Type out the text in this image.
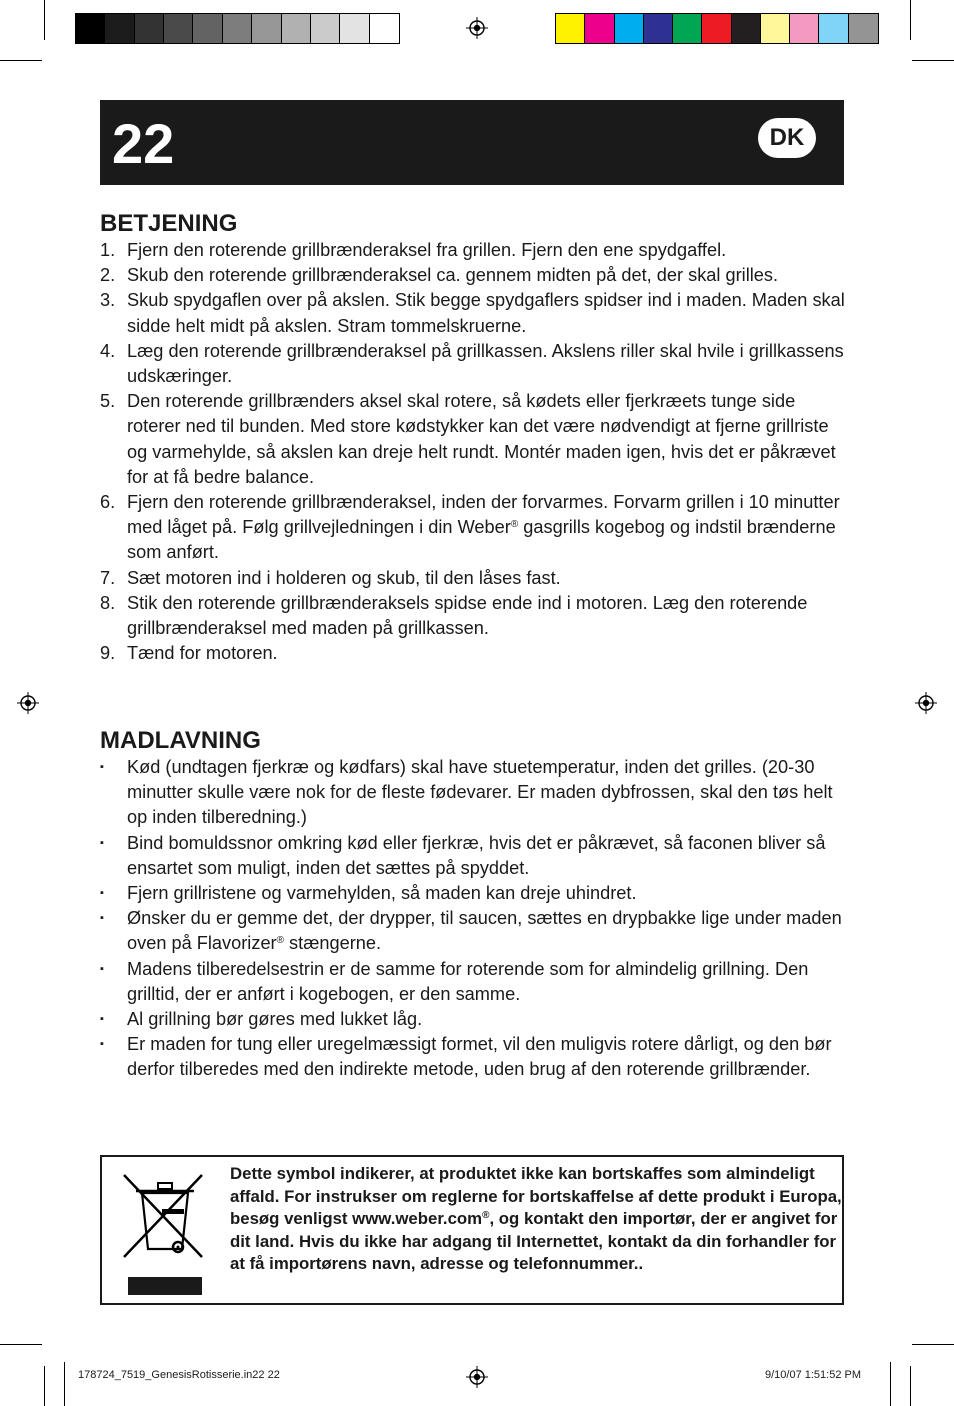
22	DK
BETJENING
1. Fjern den roterende grillbrænderaksel fra grillen. Fjern den ene spydgaffel.
2. Skub den roterende grillbrænderaksel ca. gennem midten på det, der skal grilles.
3. Skub spydgaflen over på akslen. Stik begge spydgaflers spidser ind i maden. Maden skal sidde helt midt på akslen. Stram tommelskruerne.
4. Læg den roterende grillbrænderaksel på grillkassen. Akslens riller skal hvile i grillkassens udskæringer.
5. Den roterende grillbrænders aksel skal rotere, så kødets eller fjerkræets tunge side roterer ned til bunden. Med store kødstykker kan det være nødvendigt at fjerne grillriste og varmehylde, så akslen kan dreje helt rundt. Montér maden igen, hvis det er påkrævet for at få bedre balance.
6. Fjern den roterende grillbrænderaksel, inden der forvarmes. Forvarm grillen i 10 minutter med låget på. Følg grillvejledningen i din Weber® gasgrills kogebog og indstil brænderne som anført.
7. Sæt motoren ind i holderen og skub, til den låses fast.
8. Stik den roterende grillbrænderaksels spidse ende ind i motoren. Læg den roterende grillbrænderaksel med maden på grillkassen.
9. Tænd for motoren.
MADLAVNING
▪	Kød (undtagen fjerkræ og kødfars) skal have stuetemperatur, inden det grilles. (20-30 minutter skulle være nok for de fleste fødevarer. Er maden dybfrossen, skal den tøs helt op inden tilberedning.)
▪	Bind bomuldssnor omkring kød eller fjerkræ, hvis det er påkrævet, så faconen bliver så ensartet som muligt, inden det sættes på spyddet.
▪	Fjern grillristene og varmehylden, så maden kan dreje uhindret.
▪	Ønsker du er gemme det, der drypper, til saucen, sættes en drypbakke lige under maden oven på Flavorizer® stængerne.
▪	Madens tilberedelsestrin er de samme for roterende som for almindelig grillning. Den grilltid, der er anført i kogebogen, er den samme.
▪	Al grillning bør gøres med lukket låg.
▪	Er maden for tung eller uregelmæssigt formet, vil den muligvis rotere dårligt, og den bør derfor tilberedes med den indirekte metode, uden brug af den roterende grillbrænder.
Dette symbol indikerer, at produktet ikke kan bortskaffes som almindeligt affald. For instrukser om reglerne for bortskaffelse af dette produkt i Europa, besøg venligst www.weber.com®, og kontakt den importør, der er angivet for dit land. Hvis du ikke har adgang til Internettet, kontakt da din forhandler for at få importørens navn, adresse og telefonnummer..
178724_7519_GenesisRotisserie.in22 22	9/10/07 1:51:52 PM
